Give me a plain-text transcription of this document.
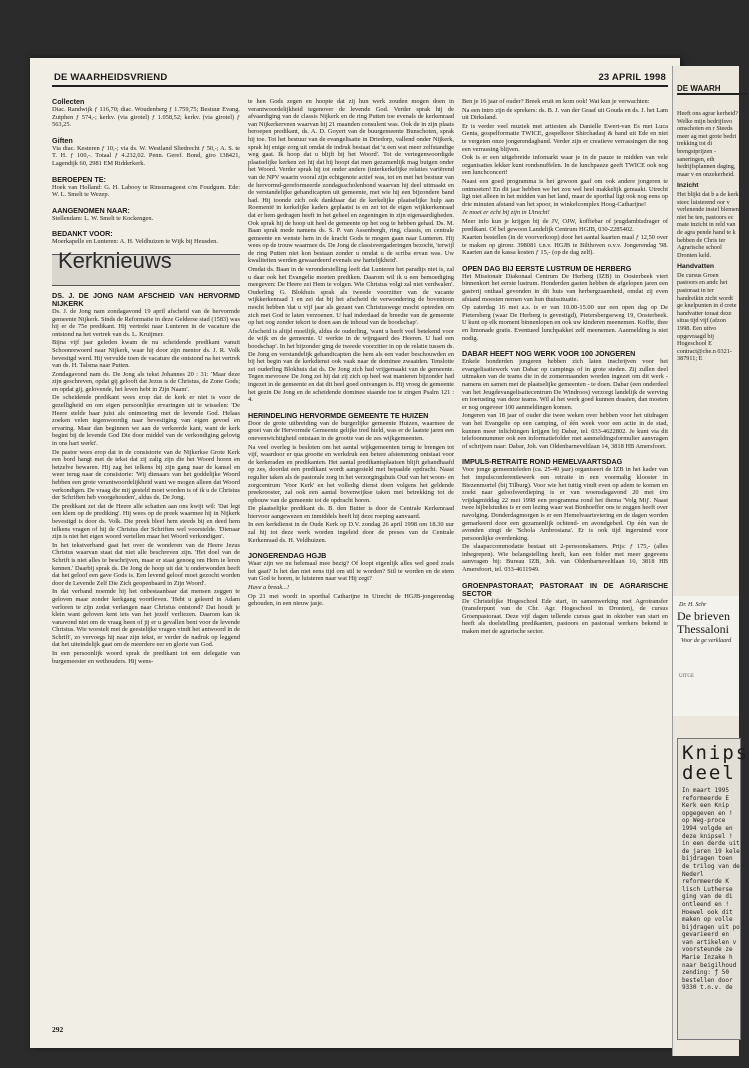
DE WAARHEIDSVRIEND	23 APRIL 1998

Collecten

Diac. Randwijk ƒ 116,70; diac. Woudenberg ƒ 1.759,75; Bestuur Evang. Zutphen ƒ 574,-; kerkv. (via girotel) ƒ 1.058,52; kerkv. (via girotel) ƒ 563,25.

Giften

Via diac. Kesteren ƒ 10,-; via ds. W. Westland Sliedrecht ƒ 50,-; A. S. te T. H. ƒ 100,-. Totaal ƒ 4.232,02. Penn. Geref. Bond, giro 138421, Lagendijk 60, 2981 EM Ridderkerk.

BEROEPEN TE:

Hoek van Holland: G. H. Labooy te Rinsumageest c/m Foudgum. Ede: W. L. Smelt te Wezep.

AANGENOMEN NAAR:

Stellendam: L. W. Smelt te Kockengen.

BEDANKT VOOR:

Moerkapelle en Lunteren: A. H. Veldhuizen te Wijk bij Heusden.

Kerknieuws

DS. J. DE JONG NAM AFSCHEID VAN HERVORMD NIJKERK

Ds. J. de Jong nam zondagavond 19 april afscheid van de hervormde gemeente Nijkerk. Sinds de Reformatie in deze Gelderse stad (1583) was hij er de 75e predikant. Hij vertrekt naar Lunteren in de vacature die ontstond na het vertrek van ds. L. Kruijmer.

Bijna vijf jaar geleden kwam de nu scheidende predikant vanuit Schoonrewoerd naar Nijkerk, waar hij door zijn mentor ds. J. R. Volk bevestigd werd. Hij vervulde toen de vacature die ontstond na het vertrek van ds. H. Talsma naar Putten.

Zondagavond nam ds. De Jong als tekst Johannes 20 : 31: 'Maar deze zijn geschreven, opdat gij gelooft dat Jezus is de Christus, de Zone Gods; en opdat gij, gelovende, het leven hebt in Zijn Naam'.

De scheidende predikant wees erop dat de kerk er niet is voor de gezelligheid en om eigen persoonlijke ervaringen uit te wisselen: 'De Heere stelde haar juist als ontmoeting met de levende God. Helaas zoeken velen tegenwoordig naar bevestiging van eigen gevoel en ervaring. Maar dan beginnen we aan de verkeerde kant, want de kerk begint bij de levende God Die door middel van de verkondiging gelovig in ons hart werkt'.

De pastor wees erop dat in de consistorie van de Nijkerkse Grote Kerk een bord hangt met de tekst dat zij zalig zijn die het Woord horen en hetzelve bewaren. Hij zag het telkens bij zijn gang naar de kansel en weer terug naar de consistorie: 'Wij dienaars van het goddelijke Woord hebben een grote verantwoordelijkheid want we mogen alleen dat Woord verkondigen. De vraag die mij gesteld moet worden is of ik u de Christus der Schriften heb voorgehouden', aldus ds. De Jong.

De predikant zei dat de Heere alle schatten aan ons kwijt wil: 'Dat legt een klem op de prediking'. Hij wees op de preek waarmee hij in Nijkerk bevestigd is door ds. Volk. Die preek bleef hem steeds bij en deed hem telkens vragen of hij de Christus der Schriften wel voorstelde. 'Dienaar zijn is niet het eigen woord vertellen maar het Woord verkondigen'.

In het tekstverband gaat het over de wonderen van de Heere Jezus Christus waarvan staat dat niet alle beschreven zijn. 'Het doel van de Schrift is niet alles te beschrijven, maar er staat genoeg om Hem te leren kennen.' Daarbij sprak ds. De Jong de hoop uit dat 'u onderwonden heeft dat het geloof een gave Gods is. Een levend geloof moet gezocht worden door de Levende Zelf Die Zich geopenbaard in Zijn Woord'.

In dat verband noemde hij het onbestaanbaar dat mensen zeggen te geloven maar zonder kerkgang voortleven. 'Hebt u geleerd in Adam verloren te zijn zodat verlangen naar Christus ontstond? Dat houdt je klein want geloven kent iets van het jezelf verliezen. Daarom kan ik vanavond niet om de vraag heen of jij er u gevallen bent voor de levende Christus. Wie worstelt met de geestelijke vragen vindt het antwoord in de Schrift', zo vervoegs hij naar zijn tekst, er verder de nadruk op leggend dat het uiteindelijk gaat om de meerdere eer en glorie van God.

In een persoonlijk woord sprak de predikant tot een delegatie van burgemeester en wethouders. Hij wens-

te hen Gods zegen en hoopte dat zij hun werk zouden mogen doen in verantwoordelijkheid tegenover de levende God. Verder sprak hij de afvaardiging van de classis Nijkerk en de ring Putten toe evenals de kerkenraad van Nijkerkerveen waarvan hij 21 maanden consulent was. Ook de in zijn plaats beroepen predikant, ds. A. D. Goyert van de buurgemeente Bunschoten, sprak hij toe. Tot het bestuur van de evangelisatie in Driedorp, vallend onder Nijkerk, sprak hij enige zorg uit omdat de indruk bestaat dat 'u een wat meer zelfstandige weg gaat. Ik hoop dat u blijft bij het Woord'. Tot de vertegenwoordigde plaatselijke kerken zei hij dat hij hoopt dat men gezamenlijk mag buigen onder het Woord. Verder sprak hij tot onder andere (interkerkelijke relaties variërend van de NPV waarin vooral zijn echtgenote actief was, tot en met het bestuur van de hervormd-gereformeerde zondagsscholenbond waarvan hij deel uitmaakt en de verstandelijke gehandicapten uit gemeente, met wie hij een bijzondere band had. Hij toonde zich ook dankbaar dat de kerkelijke plaatselijke hulp aan Roemenië in kerkelijke kaders geplaatst is en zei tot de eigen wijkkerkenraad dat er hem gedragen heeft in het geheel en zegeningen in zijn eigenaardigheden. Ook sprak hij de hoop uit heel de gemeente op het oog te hebben gehad. Ds. M. Baan sprak mede namens ds. S. P. van Assenbergh, ring, classis, en centrale gemeente en wenste hem in de kracht Gods te mogen gaan naar Lunteren. Hij wees op de trouw waarmee ds. De Jong de classisvergaderingen bezocht, 'terwijl de ring Putten niet kon bestaan zonder u omdat u de scriba ervan was. Uw kwaliteiten werden gewaardeerd evenals uw hartelijkheid'.

Omdat ds. Baan in de veronderstelling leeft dat Lunteren het paradijs niet is, zal u daar ook het Evangelie moeten prediken. Daarom wil ik u een bemoediging meegeven: De Heere zei Hem te volgen. Wie Christus volgt zal niet verdwalen'. Ouderling G. Blokhuis sprak als tweede voorzitter van de vacante wijkkerkenraad 1 en zei dat bij het afscheid de verwondering de boventoon mocht hebben 'dat u vijf jaar als gezant van Christuswege mocht optreden om zich met God te laten verzoenen. U had inderdaad de breedte van de gemeente op het oog zonder tekort te doen aan de inhoud van de boodschap'.

Afscheid is altijd moeilijk, aldus de ouderling, 'want u heeft veel betekend voor de wijk en de gemeente. U werkte in de wijngaard des Heeren. U had een boodschap'. In het bijzonder ging de tweede voorzitter in op de relatie tussen ds. De Jong en verstandelijk gehandicapten die hem als een vader beschouwden en bij het begin van de kerkdienst ook vaak naar de dominee zwaaiden. Tenslotte zei ouderling Blokhuis dat ds. De Jong zich had vrijgemaakt van de gemeente. Tegen mevrouw De Jong zei hij dat zij zich op heel wat manieren bijzonder had ingezet in de gemeente en dat dit heel goed ontvangen is. Hij vroeg de gemeente het gezin De Jong en de scheidende dominee staande toe te zingen Psalm 121 : 4.

HERINDELING HERVORMDE GEMEENTE TE HUIZEN

Door de grote uitbreiding van de burgerlijke gemeente Huizen, waarmee de groei van de Hervormde Gemeente gelijke tred hield, was er de laatste jaren een onevenwichtigheid ontstaan in de grootte van de zes wijkgemeenten.

Na veel overleg is besloten om het aantal wijkgemeenten terug te brengen tot vijf, waardoor er qua grootte en werkdruk een betere afstemming ontstaat voor de kerkeraden en predikanten. Het aantal predikantsplaatsen blijft gehandhaafd op zes, doordat een predikant wordt aangesteld met bepaalde opdracht. Naast regulier taken als de pastorale zorg in het verzorgingshuis Oud van het woon- en zorgcentrum 'Voor Kerk' en het volledig dienst doen volgens het geldende preekrooster, zal ook een aantal bovenwijkse taken met betrekking tot de opbouw van de gemeente tot de opdracht horen.

De plaatselijke predikant ds. B. den Butter is door de Centrale Kerkenraad hiervoor aangewezen en inmiddels heeft hij deze roeping aanvaard.

In een kerkdienst in de Oude Kerk op D.V. zondag 26 april 1998 om 18.30 uur zal hij tot deze werk worden ingeleid door de preses van de Centrale Kerkenraad ds. H. Veldhuizen.

JONGERENDAG HGJB

Waar zijn we nu helemaal mee bezig? Of loopt eigenlijk alles wel goed zoals het gaat? Is het dan niet eens tijd om stil te worden? Stil te worden en de stem van God te horen, te luisteren naar wat Hij zegt?

Have a break...!

Op 21 mei wordt in sporthal Catharijne in Utrecht de HGJB-jongerendag gehouden, in een nieuw jasje.

Ben je 16 jaar of ouder? Breek eruit en kom ook! Wat kun je verwachten:

Na een intro zijn de sprekers: ds. B. J. van der Graaf uit Gouda en ds. J. het Lam uit Dirksland.

Er is verder veel muziek met artiesten als Danielle Ewert-van Es met Luca Genta, gospelformatie TWICE, gospelkoor Shirchadasj & band uit Ede en niet te vergeten onze jongerendagband. Verder zijn er creatieve verrassingen die nog een verrassing blijven.

Ook is er een uitgebreide infomarkt waar je in de pauze te midden van vele organisaties lekker kunt rondsnuffelen. In de lunchpauze geeft TWICE ook nog een lunchconcert!

Naast een goed programma is het gewoon gaaf om ook andere jongeren te ontmoeten! En dit jaar hebben we het zou wel heel makkelijk gemaakt. Utrecht ligt niet alleen in het midden van het land, maar de sporthal ligt ook nog eens op drie minuten afstand van het spoor, in winkelcomplex Hoog-Catharijne!

Je moet er echt bij zijn in Utrecht!

Meer info kun je krijgen bij de JV, OJW, koffiebar of jeugdambtsdrager of predikant. Of bel gewoon Landelijk Centrum HGJB, 030-2285402.

Kaarten bestellen (in de voorverkoop) door het aantal kaarten maal ƒ 12,50 over te maken op gironr. 398081 t.n.v. HGJB te Bilthoven o.v.v. Jongerendag '98. Kaarten aan de kassa kosten ƒ 15,- (op de dag zelf).

OPEN DAG BIJ EERSTE LUSTRUM DE HERBERG

Het Missionair Diakonaal Centrum De Herberg (IZB) in Oosterbeek viert binnenkort het eerste lustrum. Honderden gasten hebben de afgelopen jaren een gastvrij onthaal gevonden in dit huis van herbergzaamheid, omdat zij even afstand moesten nemen van hun thuissituatie.

Op zaterdag 16 mei a.s. is er van 10.00-15.00 uur een open dag op De Pietersberg (waar De Herberg is gevestigd), Pietersbergseweg 19, Oosterbeek. U kunt op elk moment binnenlopen en ook uw kinderen meenemen. Koffie, thee en limonade gratis. Eventueel lunchpakket zelf meenemen. Aanmelding is niet nodig.

DABAR HEEFT NOG WERK VOOR 100 JONGEREN

Enkele honderden jongeren hebben zich laten inschrijven voor het evangelisatiewerk van Dabar op campings of in grote steden. Zij zullen deel uitmaken van de teams die in de zomermaanden worden ingezet om dit werk - namens en samen met de plaatselijke gemeenten - te doen. Dabar (een onderdeel van het Jeugdevangelisatiecentrum De Windroos) verzorgt landelijk de werving en toerusting van deze teams. Wil al het werk goed kunnen draaien, dan moeten er nog ongeveer 100 aanmeldingen komen.

Jongeren van 18 jaar of ouder die twee weken over hebben voor het uitdragen van het Evangelie op een camping, of één week voor een actie in de stad, kunnen meer inlichtingen krijgen bij Dabar, tel. 033-4622802. Je kunt via dit telefoonnummer ook een informatiefolder met aanmeldingsformulier aanvragen of schrijven naar: Dabar, Joh. van Oldenbarneveltlaan 14, 3818 HB Amersfoort.

IMPULS-RETRAITE ROND HEMELVAARTSDAG

Voor jonge gemeenteleden (ca. 25-40 jaar) organiseert de IZB in het kader van het impulsconferentiewerk een retraite in een voormalig klooster in Biezenmortel (bij Tilburg). Voor wie het tuttig vindt even op adem te komen en zoekt naar geloofsverdieping is er van woensdagavond 20 mei t/m vrijdagmiddag 22 mei 1998 een programma rond het thema 'Volg Mij'. Naast twee bijbelstudies is er een lezing waar wat Bonhoeffer ons te zeggen heeft over navolging. Donderdagmorgen is er een Hemelvaartsviering en de dagen worden gemarkeerd door een gezamenlijk ochtend- en avondgebed. Op één van de avonden zingt de 'Schola Ambrosiana'. Er is ook tijd ingeruimd voor persoonlijke overdenking.

De slaapaccommodatie bestaat uit 2-persoonskamers. Prijs: ƒ 175,- (alles inbegrepen). Wie belangstelling heeft, kan een folder met meer gegevens aanvragen bij: Bureau IZB, Joh. van Oldenbarneveltlaan 10, 3818 HB Amersfoort, tel. 033-4611949.

GROENPASTORAAT; PASTORAAT IN DE AGRARISCHE SECTOR

De Christelijke Hogeschool Ede start, in samenwerking met Agrotransfer (transferpunt van de Chr. Agr. Hogeschool in Dronten), de cursus Groenpastoraat. Deze vijf dagen tellende cursus gaat in oktober van start en heeft als doelstelling predikanten, pastoors en pastoraal werkers bekend te maken met de agrarische sector.

292
DE WAARH

Heeft ons agrar kerheid? Welke mijn bedrijfsvo omschoten en r Steeds meer ag met grote bedri trekking tot di brengstprijzen - saneringen, eth bedrijfsplannen daging, maar v en onzekerheid.

Inzicht

Het blijkt dat b a de kerk steec luisterend oor v verlenende instel blemen niet be ten, pastoors ec mate inzicht in reld van de agra pende hand te k hebben de Chris ter Agrarische school Dronten keld.

Handvatten

De cursus Groen pastoors en andc het pastoraat in ter handreikin zicht wordt ge knelpunten in d crete handvatter toraat deze situa tijd vijf (afzon 1998. Een uitvo opgevraagd bij Hogeschool E contract@che.n 0321-387911; E

Dr. H. Schr
De brieven Thessaloni
Voor de ge verklaard
UITGE
Knips deel
In maart 1995 reformeerde E Kerk een Knip opgegeven en ! op Weg-proce 1994 volgde en deze knipsel ! in een derde uit de jaren 19 kele bijdragen toen de trilog van de Nederl reformeerde K lisch Lutherse ging van de di ontleend en ! Hoewel ook dit maken op volle bijdragen uit po gevarieerd en van artikelen v voorsteunde ze Marie Inzake h naar beigilhoud zending: ƒ 50 bestellen door 9330 t.n.v. de
